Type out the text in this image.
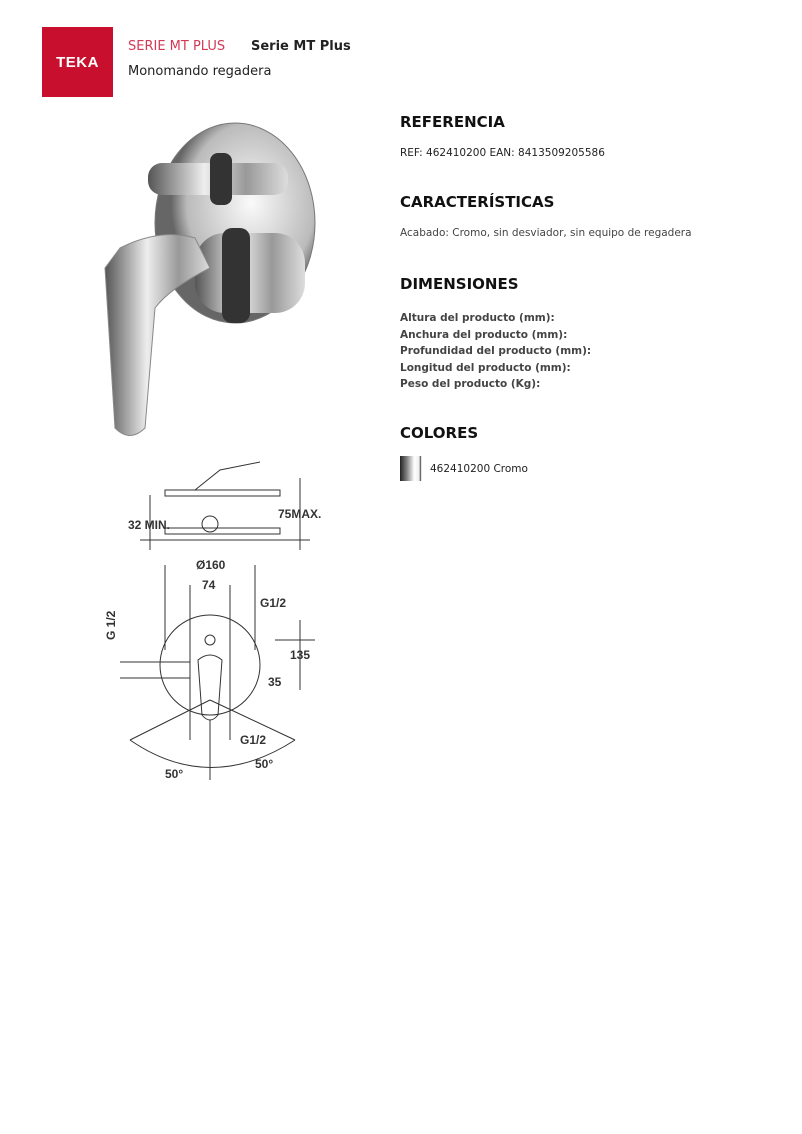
TEKA
SERIE MT PLUS Serie MT Plus
Monomando regadera
32 MIN.
75MAX.
Ø160
74
G1/2
G 1/2
135
35
G1/2
50°
50°
REFERENCIA
REF: 462410200 EAN: 8413509205586
CARACTERÍSTICAS
Acabado: Cromo, sin desviador, sin equipo de regadera
DIMENSIONES
Altura del producto (mm):
Anchura del producto (mm):
Profundidad del producto (mm):
Longitud del producto (mm):
Peso del producto (Kg):
COLORES
462410200 Cromo
